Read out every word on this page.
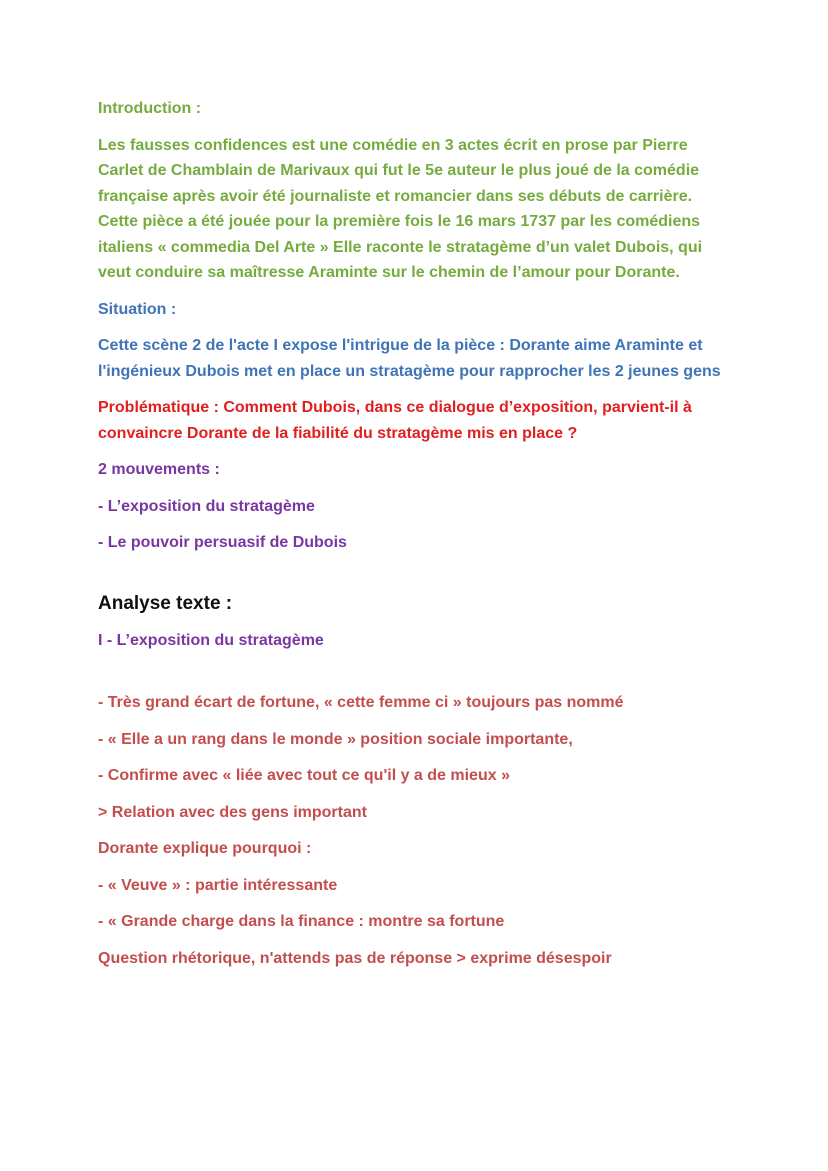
Introduction :

Les fausses confidences est une comédie en 3 actes écrit en prose par Pierre Carlet de Chamblain de Marivaux qui fut le 5e auteur le plus joué de la comédie française après avoir été journaliste et romancier dans ses débuts de carrière. Cette pièce a été jouée pour la première fois le 16 mars 1737 par les comédiens italiens « commedia Del Arte » Elle raconte le stratagème d’un valet Dubois, qui veut conduire sa maîtresse Araminte sur le chemin de l’amour pour Dorante.

Situation :

Cette scène 2 de l'acte I expose l'intrigue de la pièce : Dorante aime Araminte et l'ingénieux Dubois met en place un stratagème pour rapprocher les 2 jeunes gens

Problématique : Comment Dubois, dans ce dialogue d’exposition, parvient-il à convaincre Dorante de la fiabilité du stratagème mis en place ?

2 mouvements :

- L’exposition du stratagème

- Le pouvoir persuasif de Dubois

Analyse texte :

I - L’exposition du stratagème

- Très grand écart de fortune, « cette femme ci » toujours pas nommé

- « Elle a un rang dans le monde » position sociale importante,

- Confirme avec « liée avec tout ce qu'il y a de mieux »

> Relation avec des gens important

Dorante explique pourquoi :

- « Veuve » : partie intéressante

- « Grande charge dans la finance : montre sa fortune

Question rhétorique, n'attends pas de réponse > exprime désespoir
